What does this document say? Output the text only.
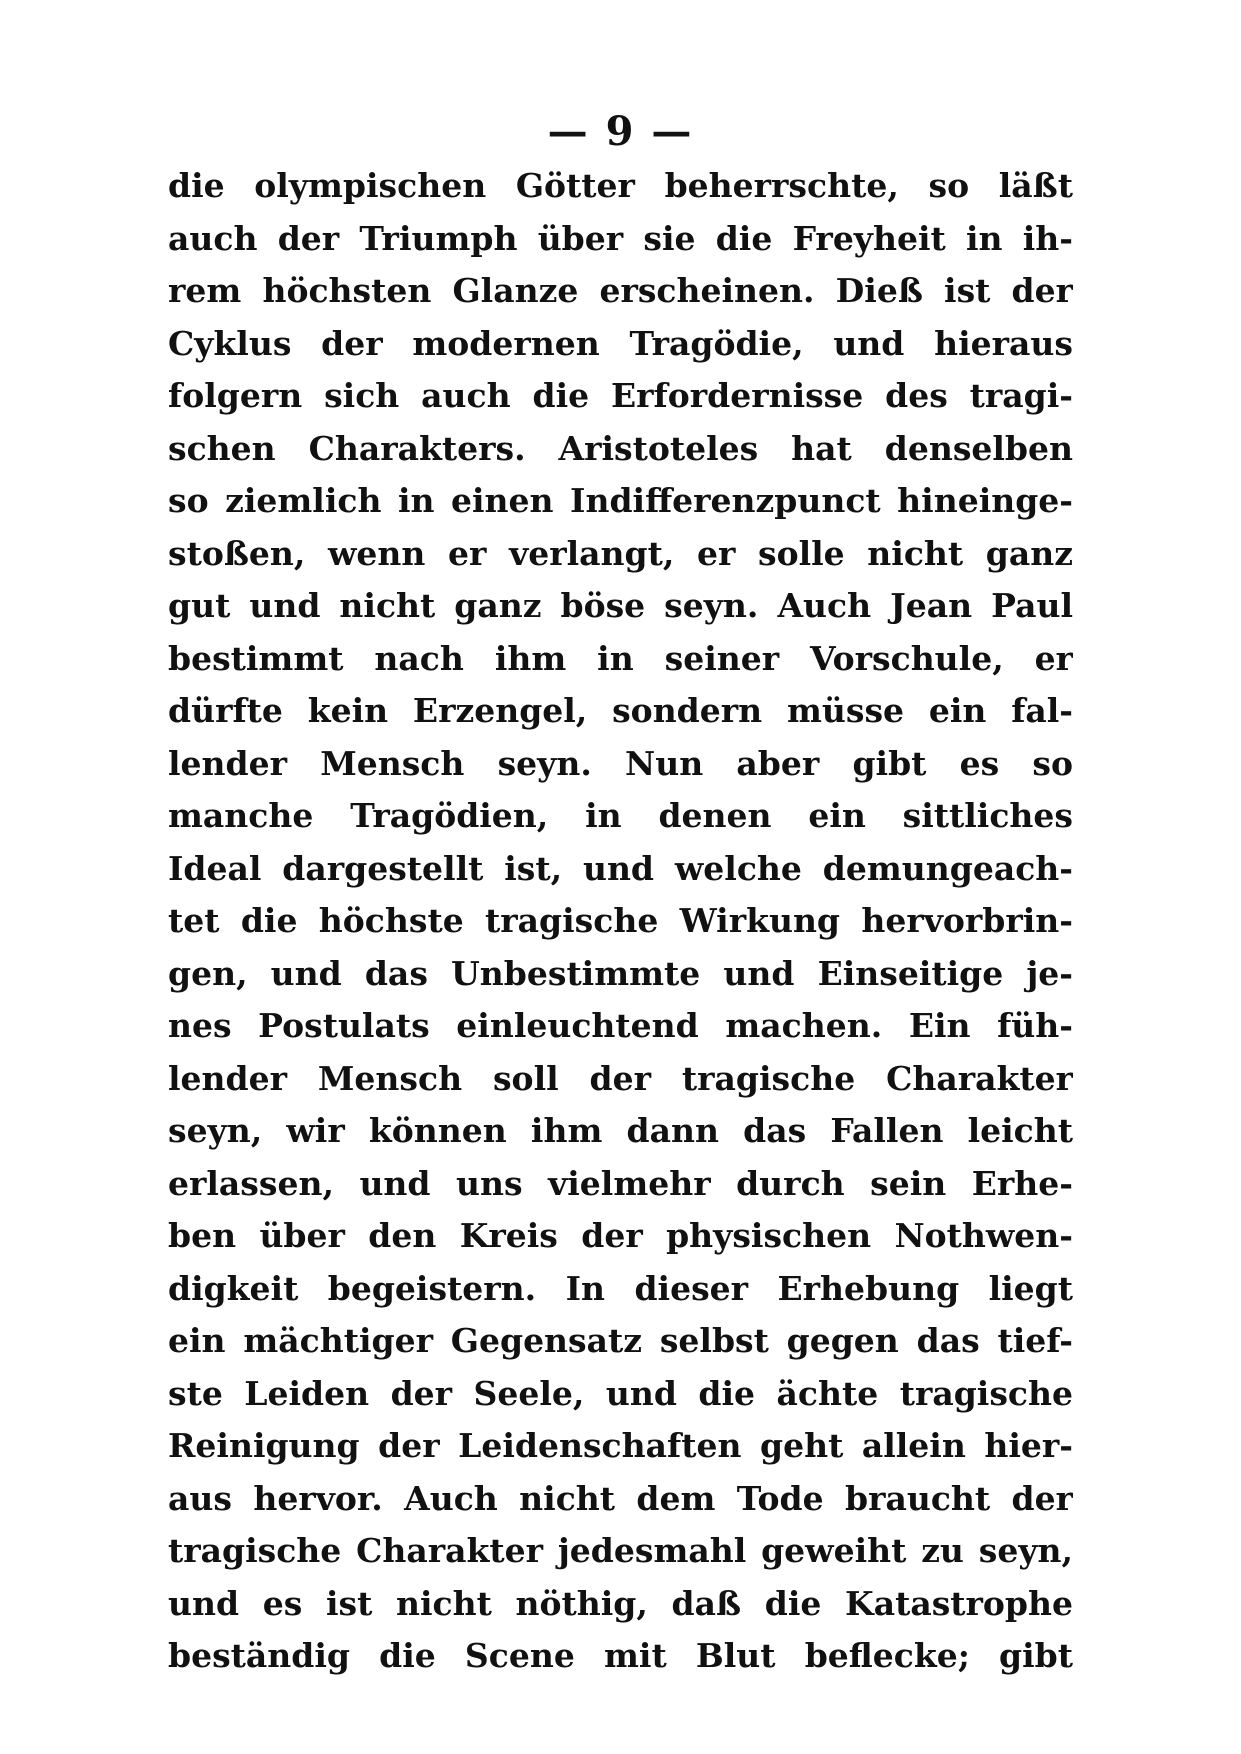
— 9 —
die olympischen Götter beherrschte, so läßt
auch der Triumph über sie die Freyheit in ih-
rem höchsten Glanze erscheinen. Dieß ist der
Cyklus der modernen Tragödie, und hieraus
folgern sich auch die Erfordernisse des tragi-
schen Charakters. Aristoteles hat denselben
so ziemlich in einen Indifferenzpunct hineinge-
stoßen, wenn er verlangt, er solle nicht ganz
gut und nicht ganz böse seyn. Auch Jean Paul
bestimmt nach ihm in seiner Vorschule, er
dürfte kein Erzengel, sondern müsse ein fal-
lender Mensch seyn. Nun aber gibt es so
manche Tragödien, in denen ein sittliches
Ideal dargestellt ist, und welche demungeach-
tet die höchste tragische Wirkung hervorbrin-
gen, und das Unbestimmte und Einseitige je-
nes Postulats einleuchtend machen. Ein füh-
lender Mensch soll der tragische Charakter
seyn, wir können ihm dann das Fallen leicht
erlassen, und uns vielmehr durch sein Erhe-
ben über den Kreis der physischen Nothwen-
digkeit begeistern. In dieser Erhebung liegt
ein mächtiger Gegensatz selbst gegen das tief-
ste Leiden der Seele, und die ächte tragische
Reinigung der Leidenschaften geht allein hier-
aus hervor. Auch nicht dem Tode braucht der
tragische Charakter jedesmahl geweiht zu seyn,
und es ist nicht nöthig, daß die Katastrophe
beständig die Scene mit Blut beflecke; gibt
